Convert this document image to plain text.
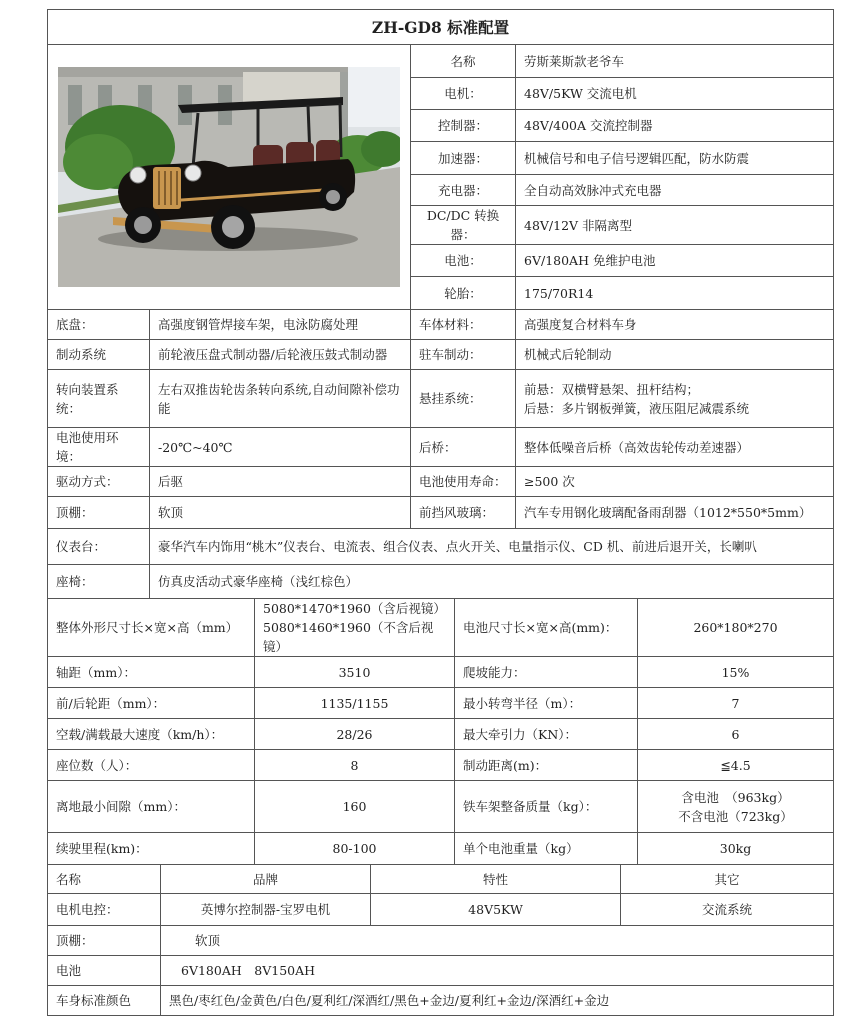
ZH-GD8 标准配置			

	名称	劳斯莱斯款老爷车
		电机：	48V/5KW 交流电机
		控制器：	48V/400A 交流控制器
		加速器：	机械信号和电子信号逻辑匹配，防水防震
		充电器：	全自动高效脉冲式充电器
		DC/DC 转换器：	48V/12V 非隔离型
		电池：	6V/180AH 免维护电池
		轮胎：	175/70R14
底盘：	高强度钢管焊接车架，电泳防腐处理	车体材料：	高强度复合材料车身
制动系统	前轮液压盘式制动器/后轮液压鼓式制动器	驻车制动：	机械式后轮制动
转向装置系统：	左右双推齿轮齿条转向系统,自动间隙补偿功能	悬挂系统：	前悬：双横臂悬架、扭杆结构；
后悬：多片钢板弹簧，液压阻尼减震系统

电池使用环境：	-20℃~40℃	后桥：	整体低噪音后桥（高效齿轮传动差速器）
驱动方式：	后驱	电池使用寿命：	≥500 次
顶棚：	软顶	前挡风玻璃：	汽车专用钢化玻璃配备雨刮器（1012*550*5mm）
仪表台：	豪华汽车内饰用“桃木”仪表台、电流表、组合仪表、点火开关、电量指示仪、CD 机、前进后退开关，长喇叭		
座椅：	仿真皮活动式豪华座椅（浅红棕色）		
整体外形尺寸长×宽×高（mm）	5080*1470*1960（含后视镜）
5080*1460*1960（不含后视镜）	电池尺寸长×宽×高(mm)：	260*180*270
轴距（mm）：	3510	爬坡能力：	15%
前/后轮距（mm）：	1135/1155	最小转弯半径（m）：	7
空载/满载最大速度（km/h）：	28/26	最大牵引力（KN）：	6
座位数（人）：	8	制动距离(m)：	≦4.5
离地最小间隙（mm）：	160	铁车架整备质量（kg）：	含电池　（963kg）
不含电池（723kg）

续驶里程(km)：	80-100	单个电池重量（kg）	30kg
名称	品牌	特性	其它
电机电控：	英博尔控制器-宝罗电机	48V5KW	交流系统
顶棚：	软顶		
电池	6V180AH　8V150AH		
车身标准颜色	黑色/枣红色/金黄色/白色/夏利红/深酒红/黑色+金边/夏利红+金边/深酒红+金边		
